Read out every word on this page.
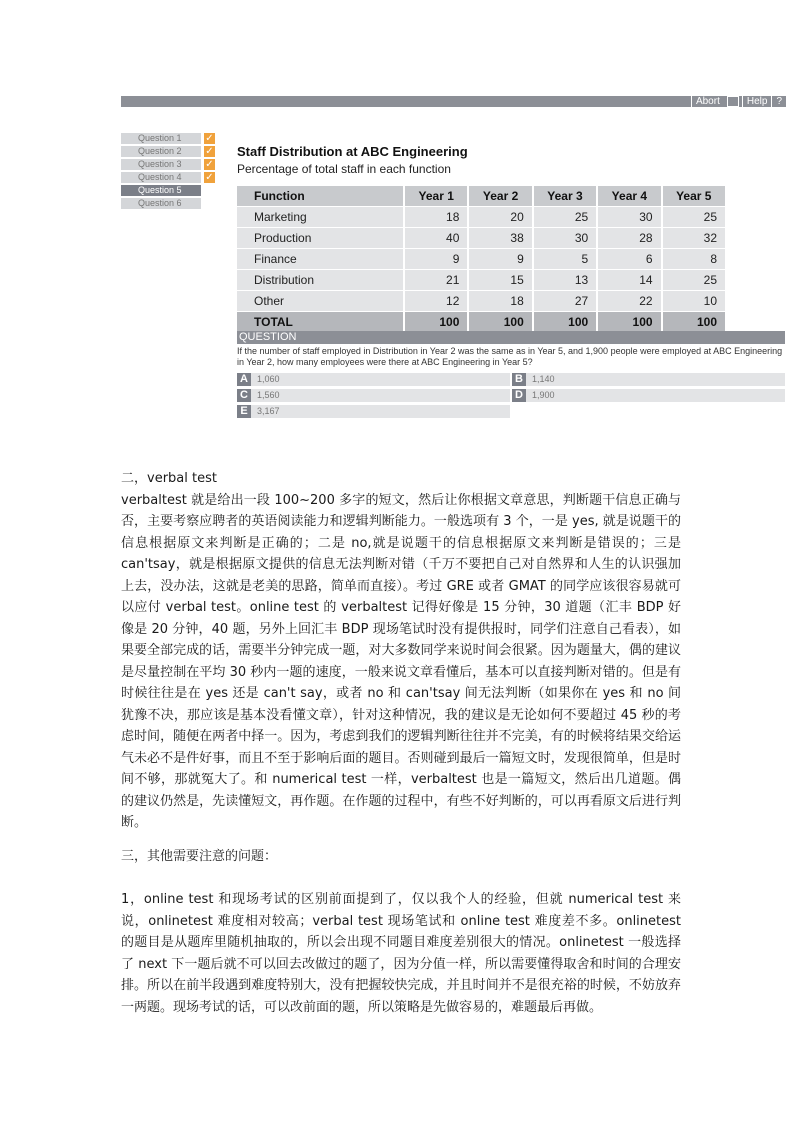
Abort	Help ?
Question 1 ✓
Question 2 ✓
Question 3 ✓
Question 4 ✓
Question 5
Question 6
Staff Distribution at ABC Engineering
Percentage of total staff in each function
Function	Year 1	Year 2	Year 3	Year 4	Year 5
Marketing	18	20	25	30	25
Production	40	38	30	28	32
Finance	9	9	5	6	8
Distribution	21	15	13	14	25
Other	12	18	27	22	10
TOTAL	100	100	100	100	100
QUESTION
If the number of staff employed in Distribution in Year 2 was the same as in Year 5, and 1,900 people were employed at ABC Engineering in Year 2, how many employees were there at ABC Engineering in Year 5?
A 1,060	B 1,140
C 1,560	D 1,900
E 3,167

二，verbal test

verbaltest 就是给出一段 100~200 多字的短文，然后让你根据文章意思，判断题干信息正确与否，主要考察应聘者的英语阅读能力和逻辑判断能力。一般选项有 3 个，一是 yes, 就是说题干的信息根据原文来判断是正确的；二是 no,就是说题干的信息根据原文来判断是错误的；三是 can'tsay，就是根据原文提供的信息无法判断对错（千万不要把自己对自然界和人生的认识强加上去，没办法，这就是老美的思路，简单而直接）。考过 GRE 或者 GMAT 的同学应该很容易就可以应付 verbal test。online test 的 verbaltest 记得好像是 15 分钟，30 道题（汇丰 BDP 好像是 20 分钟，40 题，另外上回汇丰 BDP 现场笔试时没有提供报时，同学们注意自己看表），如果要全部完成的话，需要半分钟完成一题，对大多数同学来说时间会很紧。因为题量大，偶的建议是尽量控制在平均 30 秒内一题的速度，一般来说文章看懂后，基本可以直接判断对错的。但是有时候往往是在 yes 还是 can't say，或者 no 和 can'tsay 间无法判断（如果你在 yes 和 no 间犹豫不决，那应该是基本没看懂文章），针对这种情况，我的建议是无论如何不要超过 45 秒的考虑时间，随便在两者中择一。因为，考虑到我们的逻辑判断往往并不完美，有的时候将结果交给运气未必不是件好事，而且不至于影响后面的题目。否则碰到最后一篇短文时，发现很简单，但是时间不够，那就冤大了。和 numerical test 一样，verbaltest 也是一篇短文，然后出几道题。偶的建议仍然是，先读懂短文，再作题。在作题的过程中，有些不好判断的，可以再看原文后进行判断。

三，其他需要注意的问题：

1，online test 和现场考试的区别前面提到了，仅以我个人的经验，但就 numerical test 来说，onlinetest 难度相对较高；verbal test 现场笔试和 online test 难度差不多。onlinetest 的题目是从题库里随机抽取的，所以会出现不同题目难度差别很大的情况。onlinetest 一般选择了 next 下一题后就不可以回去改做过的题了，因为分值一样，所以需要懂得取舍和时间的合理安排。所以在前半段遇到难度特别大，没有把握较快完成，并且时间并不是很充裕的时候，不妨放弃一两题。现场考试的话，可以改前面的题，所以策略是先做容易的，难题最后再做。
